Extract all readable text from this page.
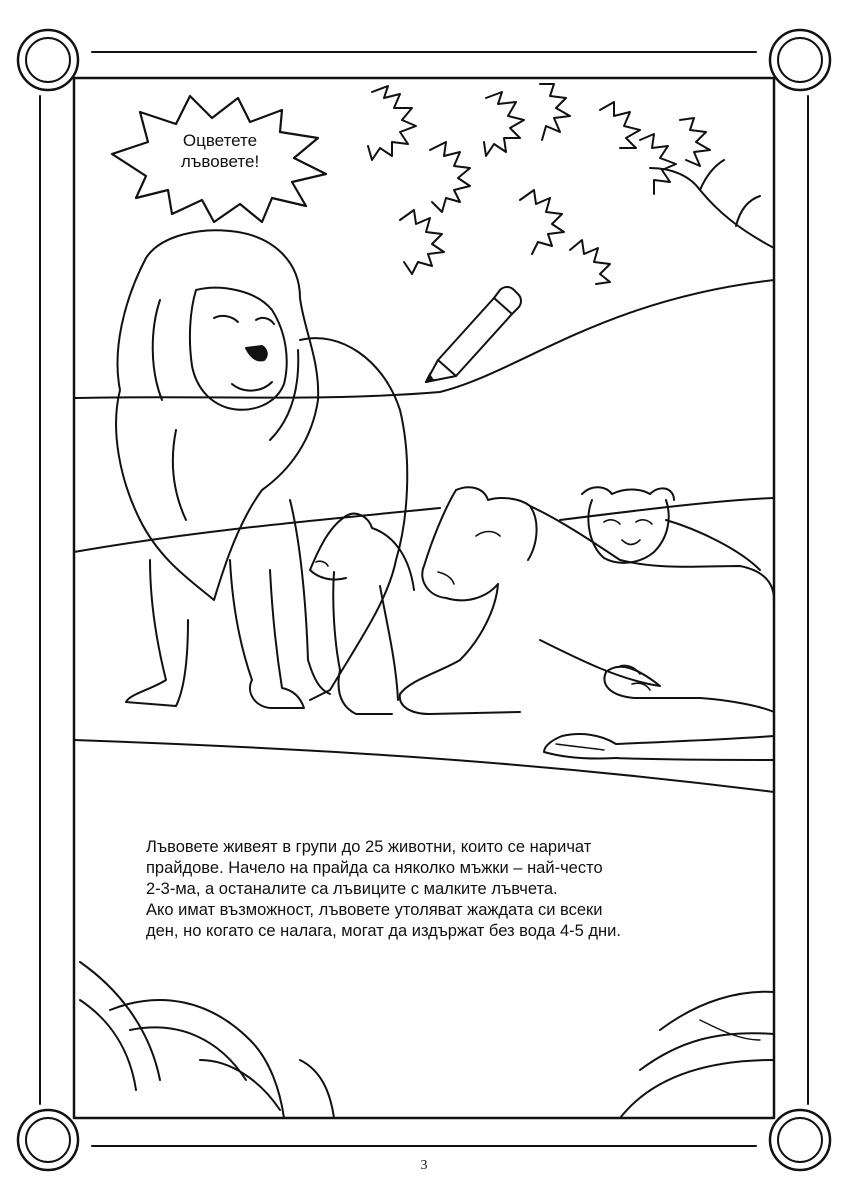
Оцветете
лъвовете!
Лъвовете живеят в групи до 25 животни, които се наричат
прайдове. Начело на прайда са няколко мъжки – най-често
2-3-ма, а останалите са лъвиците с малките лъвчета.
Ако имат възможност, лъвовете утоляват жаждата си всеки
ден, но когато се налага, могат да издържат без вода 4-5 дни.
3
